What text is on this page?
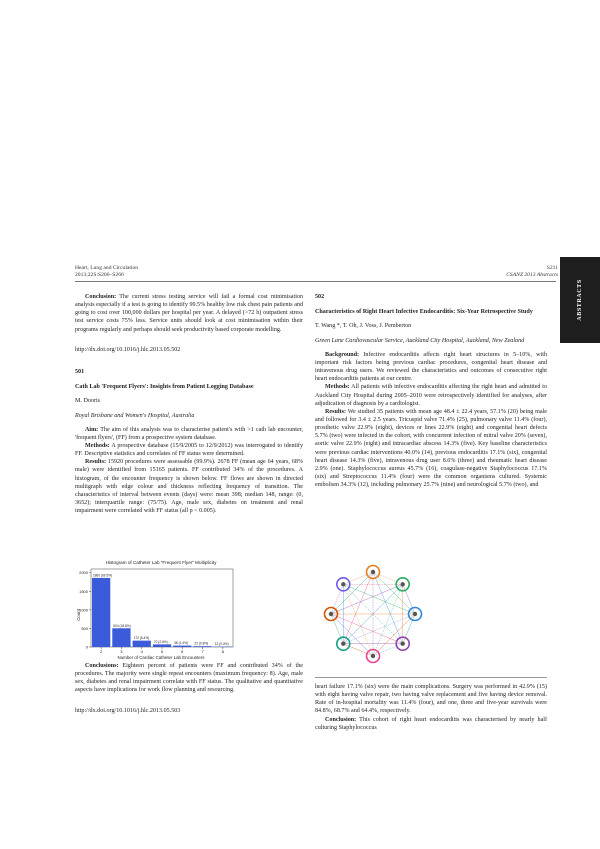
Heart, Lung and Circulation
2013;22S:S206–S266
S211
CSANZ 2013 Abstracts
ABSTRACTS

Conclusion: The current stress testing service will fail a formal cost minimisation analysis especially if a test is going to identify 99.5% healthy low risk chest pain patients and going to cost over 100,000 dollars per hospital per year. A delayed (>72 h) outpatient stress test service costs 75% less. Service units should look at cost minimisation within their programs regularly and perhaps should seek productivity based corporate modelling.

http://dx.doi.org/10.1016/j.hlc.2013.05.502

501

Cath Lab 'Frequent Flyers': Insights from Patient Logging Database

M. Dooris

Royal Brisbane and Women's Hospital, Australia

Aim: The aim of this analysis was to characterise patient's with >1 cath lab encounter, 'frequent flyers', (FF) from a prospective system database.

Methods: A prospective database (15/9/2005 to 12/9/2012) was interrogated to identify FF. Descriptive statistics and correlates of FF status were determined.

Results: 15920 procedures were assessable (99.9%). 2678 FF (mean age 64 years, 68% male) were identified from 15165 patients. FF contributed 34% of the procedures. A histogram, of the encounter frequency is shown below. FF flows are shown in directed multigraph with edge colour and thickness reflecting frequency of transition. The characteristics of interval between events (days) were: mean 398; median 148, range: (0, 3652); interquartile range: (75/75). Age, male sex, diabetes on treatment and renal impairment were correlated with FF status (all p < 0.005).

Histogram of Catheter Lab "Frequent Flyer" Multiplicity
0
500
1000
1500
2000
1860 (69.5%)
2
504 (18.8%)
3
172 (6.4%)
4
70 (2.6%)
5
38 (1.4%)
6
22 (0.8%)
7
12 (0.4%)
8
Number of Cardiac Catheter Lab Encounters
Count

Conclusions: Eighteen percent of patients were FF and contributed 34% of the procedures. The majority were single repeat encounters (maximum frequency: 8). Age, male sex, diabetes and renal impairment correlate with FF status. The qualitative and quantitative aspects have implications for work flow planning and resourcing.

http://dx.doi.org/10.1016/j.hlc.2013.05.503

502

Characteristics of Right Heart Infective Endocarditis: Six-Year Retrospective Study

T. Wang *, T. Oh, J. Voss, J. Pemberton

Green Lane Cardiovascular Service, Auckland City Hospital, Auckland, New Zealand

Background: Infective endocarditis affects right heart structures in 5–10%, with important risk factors being previous cardiac procedures, congenital heart disease and intravenous drug users. We reviewed the characteristics and outcomes of consecutive right heart endocarditis patients at our centre.

Methods: All patients with infective endocarditis affecting the right heart and admitted to Auckland City Hospital during 2005–2010 were retrospectively identified for analyses, after adjudication of diagnosis by a cardiologist.

Results: We studied 35 patients with mean age 48.4 ± 22.4 years, 57.1% (20) being male and followed for 3.4 ± 2.5 years. Tricuspid valve 71.4% (25), pulmonary valve 11.4% (four), prosthetic valve 22.9% (eight), devices or lines 22.9% (eight) and congenital heart defects 5.7% (two) were infected in the cohort, with concurrent infection of mitral valve 20% (seven), aortic valve 22.9% (eight) and intracardiac abscess 14.3% (five). Key baseline characteristics were previous cardiac interventions 40.0% (14), previous endocarditis 17.1% (six), congenital heart disease 14.3% (five), intravenous drug user 8.6% (three) and rheumatic heart disease 2.9% (one). Staphylococcus aureus 45.7% (16), coagulase-negative Staphylococcus 17.1% (six) and Streptococcus 11.4% (four) were the common organisms cultured. Systemic embolism 34.3% (12), including pulmonary 25.7% (nine) and neurological 5.7% (two), and

heart failure 17.1% (six) were the main complications. Surgery was performed in 42.9% (15) with eight having valve repair, two having valve replacement and five having device removal. Rate of in-hospital mortality was 11.4% (four), and one, three and five-year survivals were 84.8%, 68.7% and 64.4%, respectively.

Conclusion: This cohort of right heart endocarditis was characterised by nearly half culturing Staphylococcus
